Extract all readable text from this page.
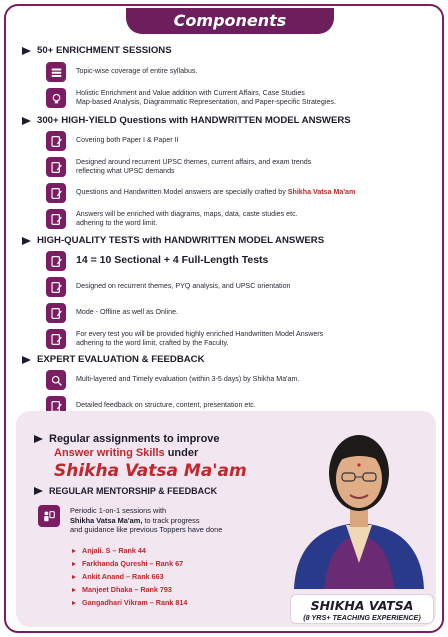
Components
50+ ENRICHMENT SESSIONS
Topic-wise coverage of entire syllabus.
Holistic Enrichment and Value addition with Current Affairs, Case Studies
Map-based Analysis, Diagrammatic Representation, and Paper-specific Strategies.
300+ HIGH-YIELD Questions with HANDWRITTEN MODEL ANSWERS
Covering both Paper I & Paper II
Designed around recurrent UPSC themes, current affairs, and exam trends
reflecting what UPSC demands
Questions and Handwritten Model answers are specially crafted by Shikha Vatsa Ma'am
Answers will be enriched with diagrams, maps, data, caste studies etc.
adhering to the word limit.
HIGH-QUALITY TESTS with HANDWRITTEN MODEL ANSWERS
14 = 10 Sectional + 4 Full-Length Tests
Designed on recurrent themes, PYQ analysis, and UPSC orientation
Mode - Offline as well as Online.
For every test you will be provided highly enriched Handwritten Model Answers
adhering to the word limit, crafted by the Faculty.
EXPERT EVALUATION & FEEDBACK
Multi-layered and Timely evaluation (within 3-5 days) by Shikha Ma'am.
Detailed feedback on structure, content, presentation etc.
Regular assignments to improve
Answer writing Skills under
Shikha Vatsa Ma'am
REGULAR MENTORSHIP & FEEDBACK
Periodic 1-on-1 sessions with
Shikha Vatsa Ma'am, to track progress
and guidance like previous Toppers have done
Anjali. S – Rank 44
Farkhanda Qureshi – Rank 67
Ankit Anand – Rank 663
Manjeet Dhaka – Rank 793
Gangadhari Vikram – Rank 814	SHIKHA VATSA
(8 YRS+ TEACHING EXPERIENCE)
